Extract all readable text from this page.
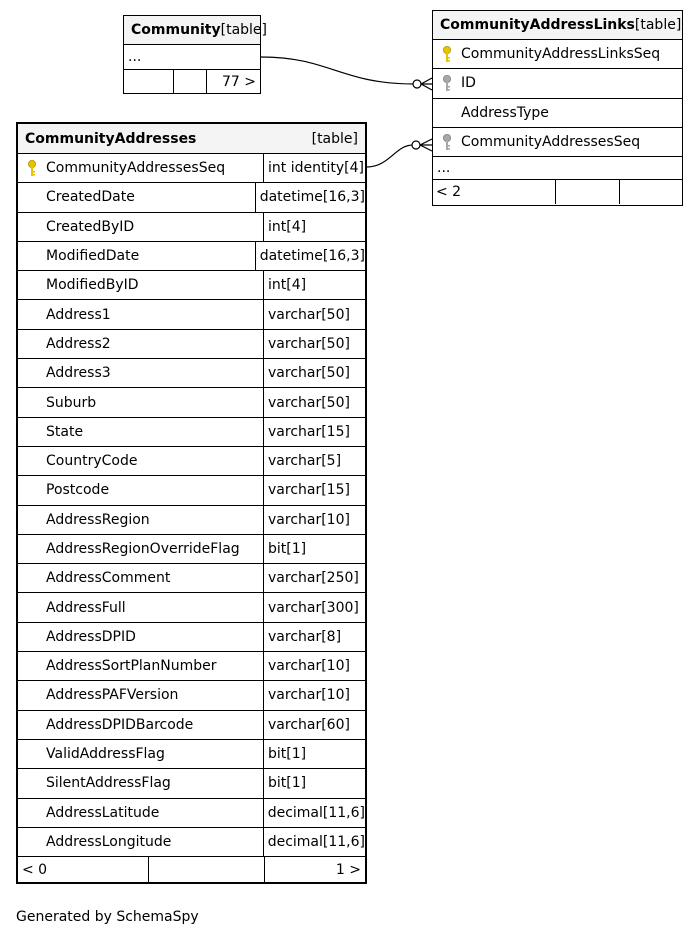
Community [table]
...
77 >
CommunityAddressLinks [table]
CommunityAddressLinksSeq
ID
AddressType
CommunityAddressesSeq
...
< 2
CommunityAddresses	[table]
CommunityAddressesSeq	int identity[4]
CreatedDate	datetime[16,3]
CreatedByID	int[4]
ModifiedDate	datetime[16,3]
ModifiedByID	int[4]
Address1	varchar[50]
Address2	varchar[50]
Address3	varchar[50]
Suburb	varchar[50]
State	varchar[15]
CountryCode	varchar[5]
Postcode	varchar[15]
AddressRegion	varchar[10]
AddressRegionOverrideFlag	bit[1]
AddressComment	varchar[250]
AddressFull	varchar[300]
AddressDPID	varchar[8]
AddressSortPlanNumber	varchar[10]
AddressPAFVersion	varchar[10]
AddressDPIDBarcode	varchar[60]
ValidAddressFlag	bit[1]
SilentAddressFlag	bit[1]
AddressLatitude	decimal[11,6]
AddressLongitude	decimal[11,6]
< 0	1 >
Generated by SchemaSpy
